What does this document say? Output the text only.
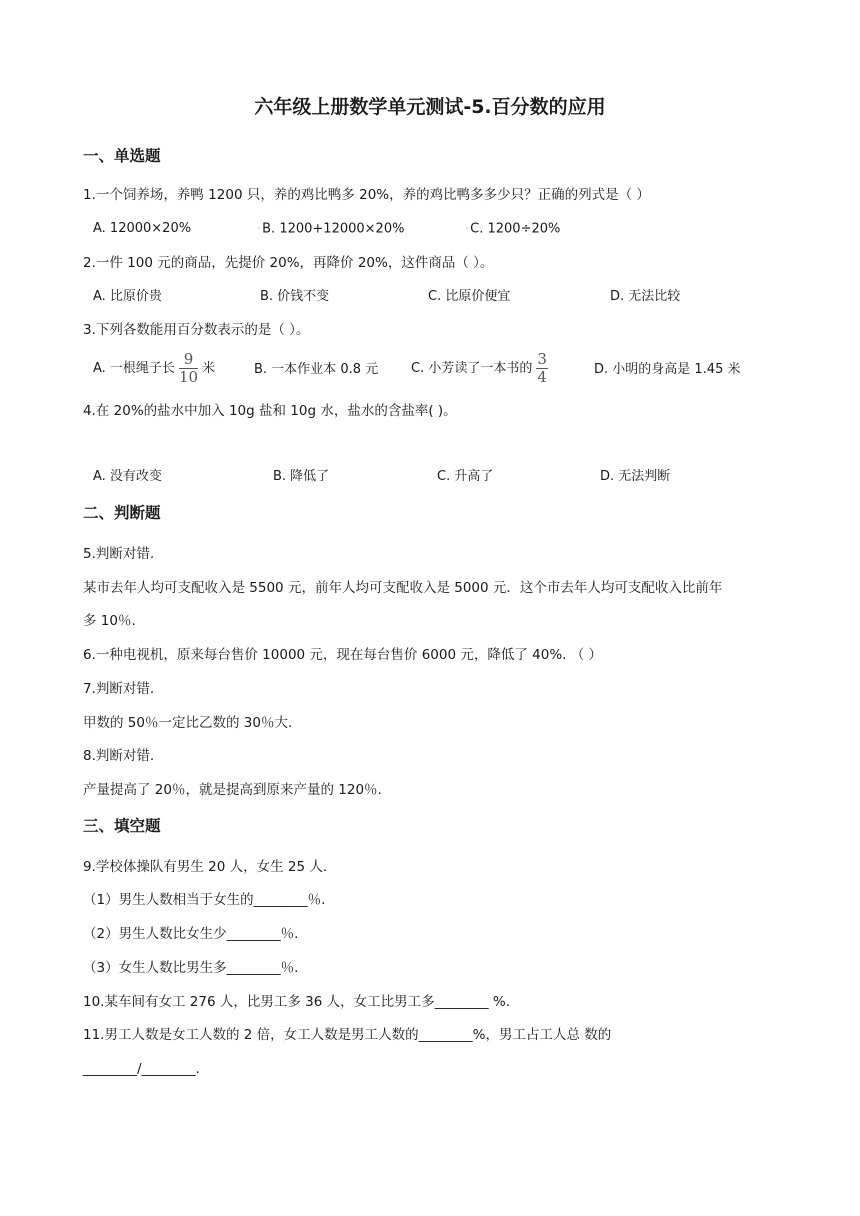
六年级上册数学单元测试-5.百分数的应用
一、单选题
1.一个饲养场，养鸭 1200 只，养的鸡比鸭多 20%，养的鸡比鸭多多少只？正确的列式是（ ）
A. 12000×20%	◦B. 1200+12000×20%	◦C. 1200÷20%
2.一件 100 元的商品，先提价 20%，再降价 20%，这件商品（ ）。
A. 比原价贵	B. 价钱不变	C. 比原价便宜	D. 无法比较
3.下列各数能用百分数表示的是（ ）。
A. 一根绳子长 $\frac{9}{10}$ 米	B. 一本作业本 0.8 元	C. 小芳读了一本书的 $\frac{3}{4}$	D. 小明的身高是 1.45 米
4.在 20%的盐水中加入 10g 盐和 10g 水，盐水的含盐率( )。
A. 没有改变	B. 降低了	C. 升高了	D. 无法判断
二、判断题
5.判断对错.
某市去年人均可支配收入是 5500 元，前年人均可支配收入是 5000 元．这个市去年人均可支配收入比前年
多 10％.
6.一种电视机，原来每台售价 10000 元，现在每台售价 6000 元，降低了 40%. （ ）
7.判断对错.
甲数的 50％一定比乙数的 30％大.
8.判断对错.
产量提高了 20％，就是提高到原来产量的 120％.
三、填空题
9.学校体操队有男生 20 人，女生 25 人．
（1）男生人数相当于女生的________％.
（2）男生人数比女生少________％.
（3）女生人数比男生多________％.
10.某车间有女工 276 人，比男工多 36 人，女工比男工多________ %.
11.男工人数是女工人数的 2 倍，女工人数是男工人数的________%，男工占工人总 数的
________/________.
